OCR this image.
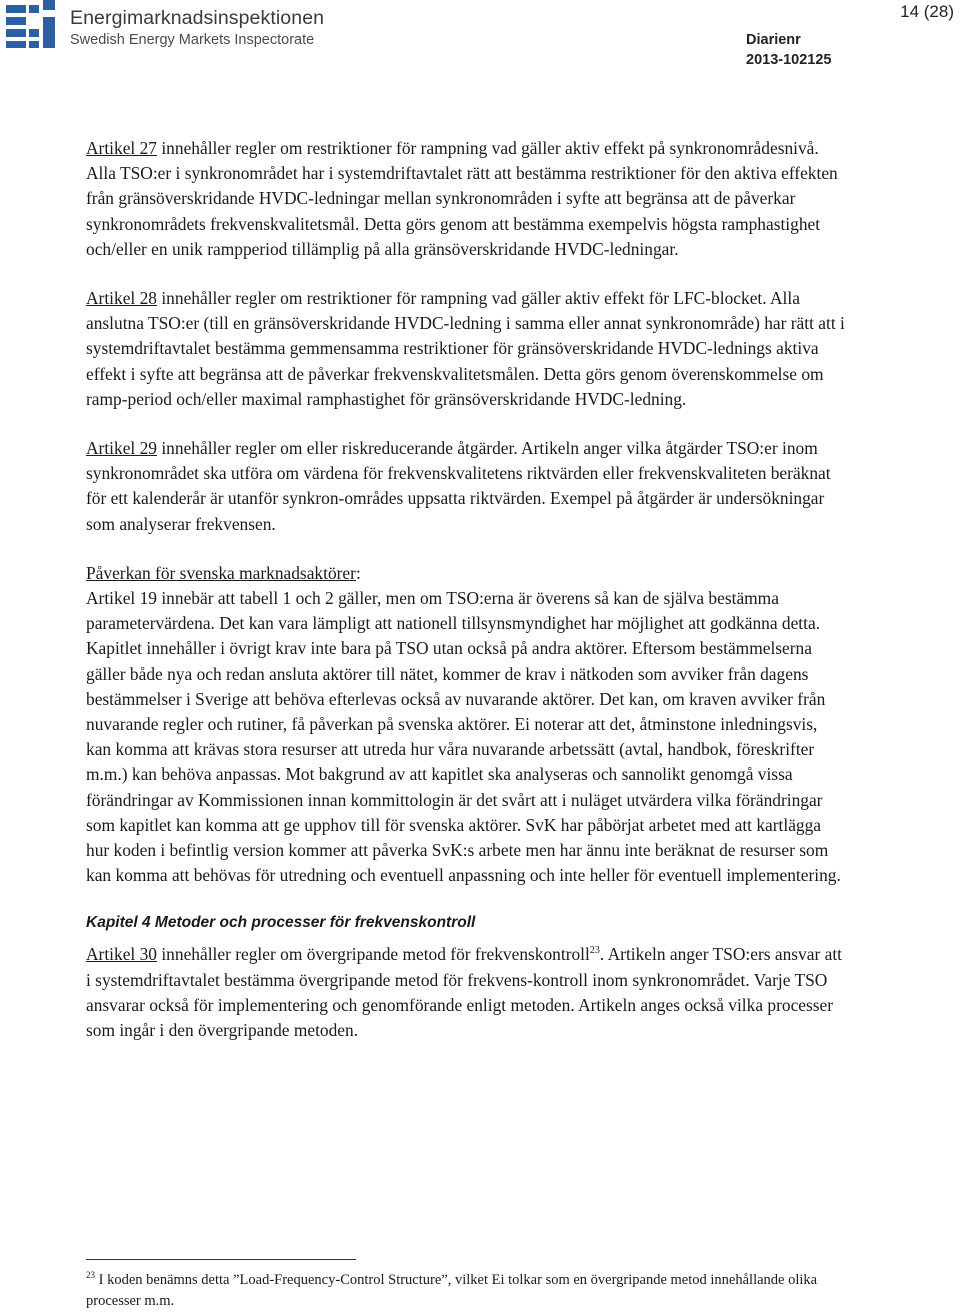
Energimarknadsinspektionen
Swedish Energy Markets Inspectorate
14 (28)
Diarienr
2013-102125

Artikel 27 innehåller regler om restriktioner för rampning vad gäller aktiv effekt på synkronområdesnivå. Alla TSO:er i synkronområdet har i systemdriftavtalet rätt att bestämma restriktioner för den aktiva effekten från gränsöverskridande HVDC-ledningar mellan synkronområden i syfte att begränsa att de påverkar synkronområdets frekvenskvalitetsmål. Detta görs genom att bestämma exempelvis högsta ramphastighet och/eller en unik rampperiod tillämplig på alla gränsöverskridande HVDC-ledningar.

Artikel 28 innehåller regler om restriktioner för rampning vad gäller aktiv effekt för LFC-blocket. Alla anslutna TSO:er (till en gränsöverskridande HVDC-ledning i samma eller annat synkronområde) har rätt att i systemdriftavtalet bestämma gemmensamma restriktioner för gränsöverskridande HVDC-lednings aktiva effekt i syfte att begränsa att de påverkar frekvenskvalitetsmålen. Detta görs genom överenskommelse om ramp-period och/eller maximal ramphastighet för gränsöverskridande HVDC-ledning.

Artikel 29 innehåller regler om eller riskreducerande åtgärder. Artikeln anger vilka åtgärder TSO:er inom synkronområdet ska utföra om värdena för frekvenskvalitetens riktvärden eller frekvenskvaliteten beräknat för ett kalenderår är utanför synkron-områdes uppsatta riktvärden. Exempel på åtgärder är undersökningar som analyserar frekvensen.

Påverkan för svenska marknadsaktörer:
Artikel 19 innebär att tabell 1 och 2 gäller, men om TSO:erna är överens så kan de själva bestämma parametervärdena. Det kan vara lämpligt att nationell tillsynsmyndighet har möjlighet att godkänna detta. Kapitlet innehåller i övrigt krav inte bara på TSO utan också på andra aktörer. Eftersom bestämmelserna gäller både nya och redan ansluta aktörer till nätet, kommer de krav i nätkoden som avviker från dagens bestämmelser i Sverige att behöva efterlevas också av nuvarande aktörer. Det kan, om kraven avviker från nuvarande regler och rutiner, få påverkan på svenska aktörer. Ei noterar att det, åtminstone inledningsvis, kan komma att krävas stora resurser att utreda hur våra nuvarande arbetssätt (avtal, handbok, föreskrifter m.m.) kan behöva anpassas. Mot bakgrund av att kapitlet ska analyseras och sannolikt genomgå vissa förändringar av Kommissionen innan kommittologin är det svårt att i nuläget utvärdera vilka förändringar som kapitlet kan komma att ge upphov till för svenska aktörer. SvK har påbörjat arbetet med att kartlägga hur koden i befintlig version kommer att påverka SvK:s arbete men har ännu inte beräknat de resurser som kan komma att behövas för utredning och eventuell anpassning och inte heller för eventuell implementering.

Kapitel 4 Metoder och processer för frekvenskontroll

Artikel 30 innehåller regler om övergripande metod för frekvenskontroll$^{23}$. Artikeln anger TSO:ers ansvar att i systemdriftavtalet bestämma övergripande metod för frekvens-kontroll inom synkronområdet. Varje TSO ansvarar också för implementering och genomförande enligt metoden. Artikeln anges också vilka processer som ingår i den övergripande metoden.

$^{23}$ I koden benämns detta ”Load-Frequency-Control Structure”, vilket Ei tolkar som en övergripande metod innehållande olika processer m.m.
